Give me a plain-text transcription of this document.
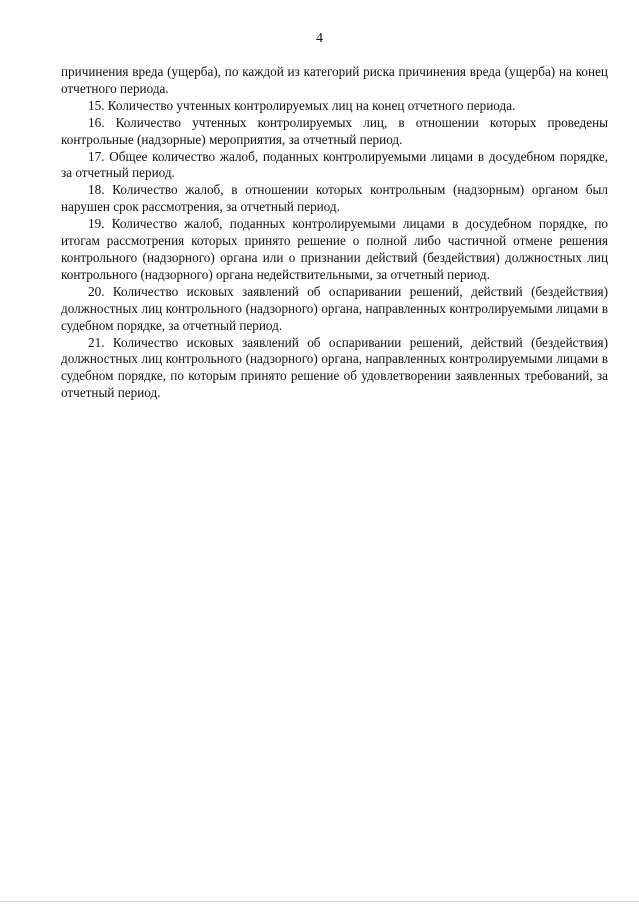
4

причинения вреда (ущерба), по каждой из категорий риска причинения вреда (ущерба) на конец отчетного периода.

15. Количество учтенных контролируемых лиц на конец отчетного периода.

16. Количество учтенных контролируемых лиц, в отношении которых проведены контрольные (надзорные) мероприятия, за отчетный период.

17. Общее количество жалоб, поданных контролируемыми лицами в досудебном порядке, за отчетный период.

18. Количество жалоб, в отношении которых контрольным (надзорным) органом был нарушен срок рассмотрения, за отчетный период.

19. Количество жалоб, поданных контролируемыми лицами в досудебном порядке, по итогам рассмотрения которых принято решение о полной либо частичной отмене решения контрольного (надзорного) органа или о признании действий (бездействия) должностных лиц контрольного (надзорного) органа недействительными, за отчетный период.

20. Количество исковых заявлений об оспаривании решений, действий (бездействия) должностных лиц контрольного (надзорного) органа, направленных контролируемыми лицами в судебном порядке, за отчетный период.

21. Количество исковых заявлений об оспаривании решений, действий (бездействия) должностных лиц контрольного (надзорного) органа, направленных контролируемыми лицами в судебном порядке, по которым принято решение об удовлетворении заявленных требований, за отчетный период.
